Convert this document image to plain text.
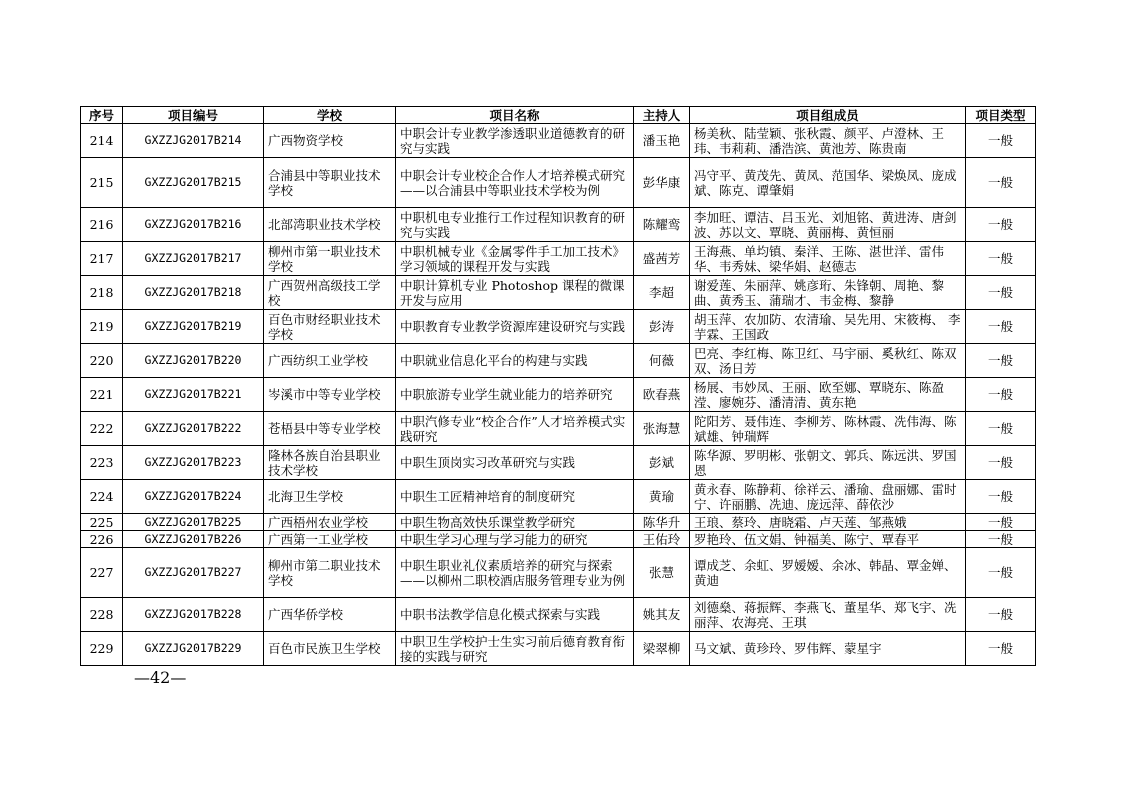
序号	项目编号	学校	项目名称	主持人	项目组成员	项目类型
214	GXZZJG2017B214	广西物资学校	中职会计专业教学渗透职业道德教育的研究与实践	潘玉艳	杨美秋、陆莹颖、张秋霞、颜平、卢澄林、王玮、韦莉莉、潘浩滨、黄池芳、陈贵南	一般
215	GXZZJG2017B215	合浦县中等职业技术学校	中职会计专业校企合作人才培养模式研究——以合浦县中等职业技术学校为例	彭华康	冯守平、黄茂先、黄凤、范国华、梁焕凤、庞成斌、陈克、谭肇娟	一般
216	GXZZJG2017B216	北部湾职业技术学校	中职机电专业推行工作过程知识教育的研究与实践	陈耀鸾	李加旺、谭洁、吕玉光、刘旭铭、黄进涛、唐剑波、苏以文、覃晓、黄丽梅、黄恒丽	一般
217	GXZZJG2017B217	柳州市第一职业技术学校	中职机械专业《金属零件手工加工技术》学习领域的课程开发与实践	盛茜芳	王海燕、单均镇、秦洋、王陈、湛世洋、雷伟华、韦秀妹、梁华娟、赵德志	一般
218	GXZZJG2017B218	广西贺州高级技工学校	中职计算机专业 Photoshop 课程的微课开发与应用	李超	谢爱莲、朱丽萍、姚彦珩、朱锋朝、周艳、黎曲、黄秀玉、蒲瑞才、韦金梅、黎静	一般
219	GXZZJG2017B219	百色市财经职业技术学校	中职教育专业教学资源库建设研究与实践	彭涛	胡玉萍、农加防、农清瑜、吴先用、宋筱梅、 李芋霖、王国政	一般
220	GXZZJG2017B220	广西纺织工业学校	中职就业信息化平台的构建与实践	何薇	巴亮、李红梅、陈卫红、马宇丽、奚秋红、陈双双、汤日芳	一般
221	GXZZJG2017B221	岑溪市中等专业学校	中职旅游专业学生就业能力的培养研究	欧春燕	杨展、韦妙凤、王丽、欧至娜、覃晓东、陈盈滢、廖婉芬、潘清清、黄东艳	一般
222	GXZZJG2017B222	苍梧县中等专业学校	中职汽修专业“校企合作”人才培养模式实践研究	张海慧	陀阳芳、聂伟连、李柳芳、陈林霞、冼伟海、陈斌雄、钟瑞辉	一般
223	GXZZJG2017B223	隆林各族自治县职业技术学校	中职生顶岗实习改革研究与实践	彭斌	陈华源、罗明彬、张朝文、郭兵、陈远洪、罗国恩	一般
224	GXZZJG2017B224	北海卫生学校	中职生工匠精神培育的制度研究	黄瑜	黄永春、陈静莉、徐祥云、潘瑜、盘丽娜、雷时宁、许丽鹏、冼迪、庞远萍、薛依沙	一般
225	GXZZJG2017B225	广西梧州农业学校	中职生物高效快乐课堂教学研究	陈华升	王琅、蔡玲、唐晓霜、卢天莲、邹燕娥	一般
226	GXZZJG2017B226	广西第一工业学校	中职生学习心理与学习能力的研究	王佑玲	罗艳玲、伍文娟、钟福美、陈宁、覃春平	一般
227	GXZZJG2017B227	柳州市第二职业技术学校	中职生职业礼仪素质培养的研究与探索——以柳州二职校酒店服务管理专业为例	张慧	谭成芝、余虹、罗嫒嫒、余冰、韩晶、覃金婵、黄迪	一般
228	GXZZJG2017B228	广西华侨学校	中职书法教学信息化模式探索与实践	姚其友	刘德燊、蒋振辉、李燕飞、董星华、郑飞宇、冼丽萍、农海亮、王琪	一般
229	GXZZJG2017B229	百色市民族卫生学校	中职卫生学校护士生实习前后德育教育衔接的实践与研究	梁翠柳	马文斌、黄珍玲、罗伟辉、蒙星宇	一般
—42—
